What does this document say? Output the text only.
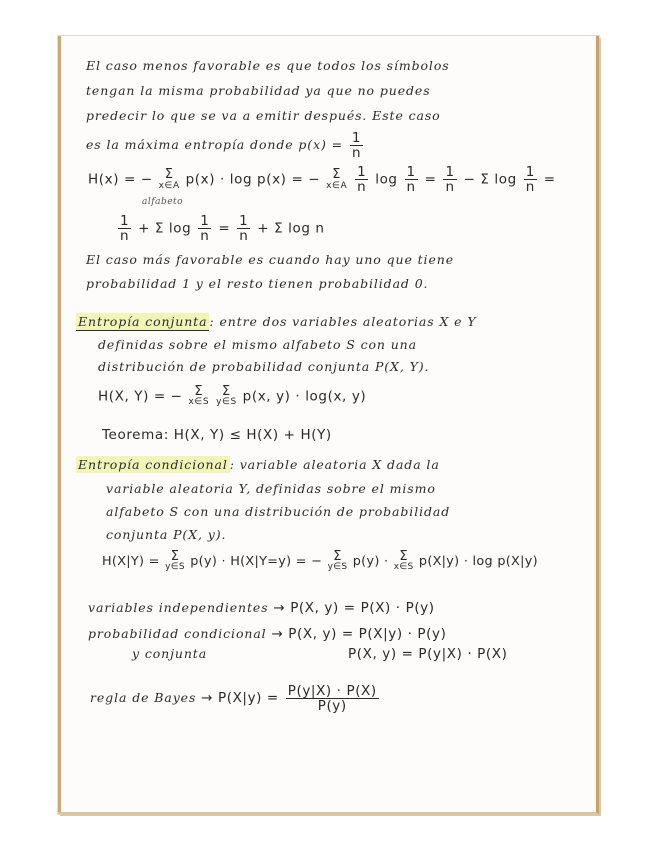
El caso menos favorable es que todos los símbolos
tengan la misma probabilidad ya que no puedes
predecir lo que se va a emitir después. Este caso
es la máxima entropía donde $p(x) = \frac{1}{n}$
H(x) = − Σ
x∈A p(x) · log p(x) = − Σ
x∈A
$\frac{1}{n}$ $\log \frac{1}{n} = \frac{1}{n} - \Sigma$ $\log \frac{1}{n}$ =
alfabeto
$\frac{1}{n} + \Sigma$ $\log \frac{1}{n} = \frac{1}{n} + \Sigma$ log n
El caso más favorable es cuando hay uno que tiene
probabilidad 1 y el resto tienen probabilidad 0.
Entropía conjunta : entre dos variables aleatorias X e Y
definidas sobre el mismo alfabeto S con una
distribución de probabilidad conjunta P(X, Y).
H(X, Y) = − Σ
x∈S

Σ
y∈S p(x, y) · log(x, y)
Teorema: H(X, Y) ≤ H(X) + H(Y)
Entropía condicional : variable aleatoria X dada la
variable aleatoria Y, definidas sobre el mismo
alfabeto S con una distribución de probabilidad
conjunta P(X, y).
H(X|Y) = Σ
y∈S p(y) · H(X|Y=y) = − Σ
y∈S p(y) · Σ
x∈S p(X|y) · log p(X|y)
variables independientes → P(X, y) = P(X) · P(y)
probabilidad condicional → P(X, y) = P(X|y) · P(y)
y conjunta	P(X, y) = P(y|X) · P(X)
regla de Bayes → $P(X|y) = \frac{P(y|X) \cdot P(X)}{P(y)}$
